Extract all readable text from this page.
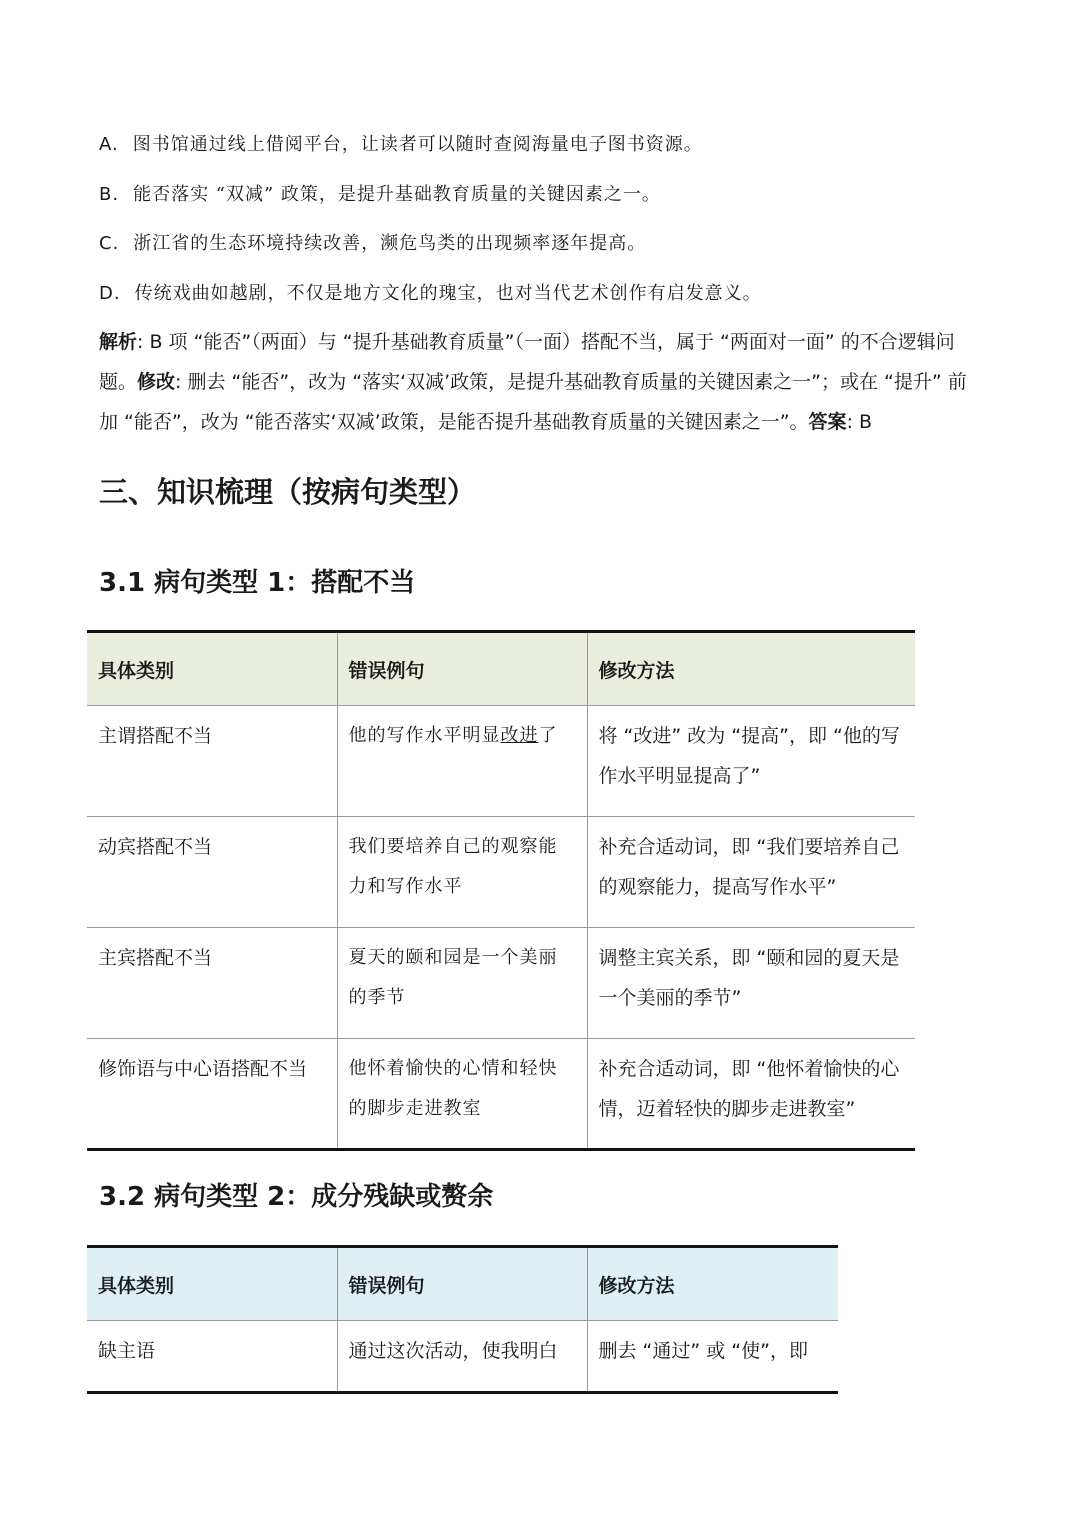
A. 图书馆通过线上借阅平台，让读者可以随时查阅海量电子图书资源。
B. 能否落实 “双减” 政策，是提升基础教育质量的关键因素之一。
C. 浙江省的生态环境持续改善，濒危鸟类的出现频率逐年提高。
D. 传统戏曲如越剧，不仅是地方文化的瑰宝，也对当代艺术创作有启发意义。
解析: B 项 “能否”（两面）与 “提升基础教育质量”（一面）搭配不当，属于 “两面对一面” 的不合逻辑问题。修改: 删去 “能否”，改为 “落实‘双减’政策，是提升基础教育质量的关键因素之一”；或在 “提升” 前加 “能否”，改为 “能否落实‘双减’政策，是能否提升基础教育质量的关键因素之一”。答案: B
三、知识梳理（按病句类型）
3.1 病句类型 1：搭配不当
具体类别	错误例句	修改方法
主谓搭配不当	他的写作水平明显改进了	将 “改进” 改为 “提高”，即 “他的写作水平明显提高了”
动宾搭配不当	我们要培养自己的观察能力和写作水平	补充合适动词，即 “我们要培养自己的观察能力，提高写作水平”
主宾搭配不当	夏天的颐和园是一个美丽的季节	调整主宾关系，即 “颐和园的夏天是一个美丽的季节”
修饰语与中心语搭配不当	他怀着愉快的心情和轻快的脚步走进教室	补充合适动词，即 “他怀着愉快的心情，迈着轻快的脚步走进教室”
3.2 病句类型 2：成分残缺或赘余
具体类别	错误例句	修改方法
缺主语	通过这次活动，使我明白	删去 “通过” 或 “使”，即
